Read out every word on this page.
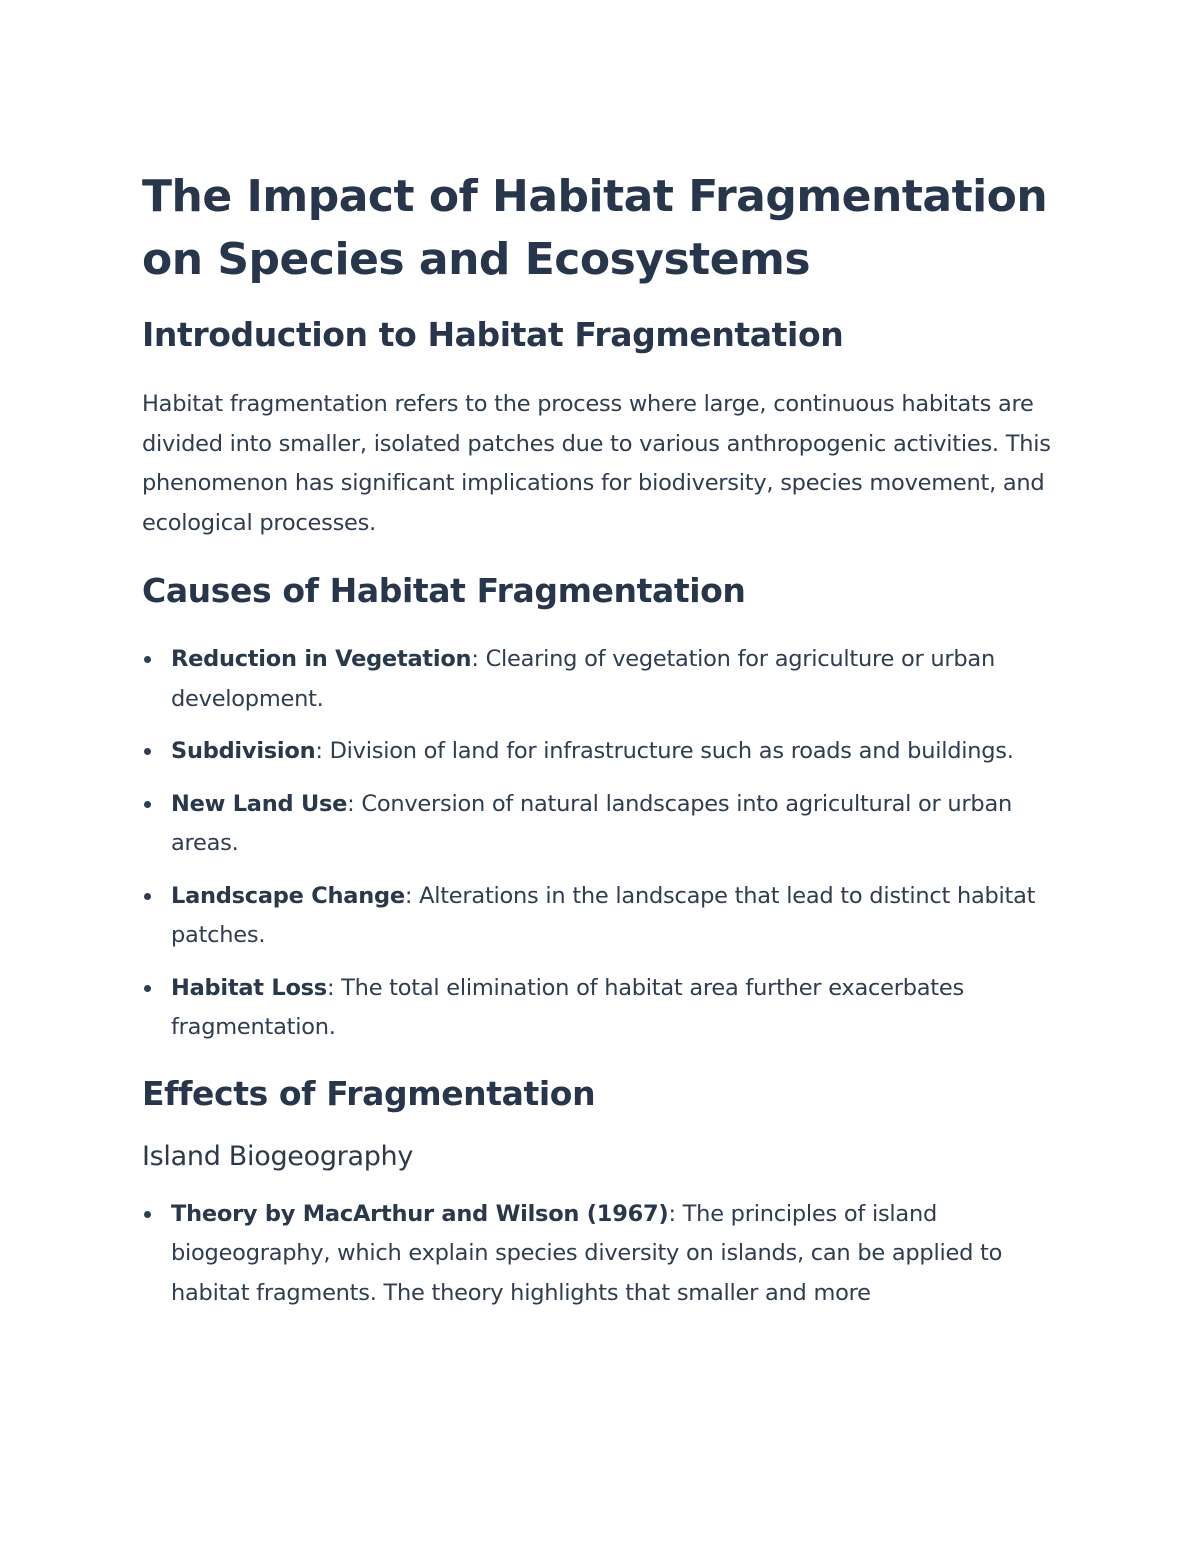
The Impact of Habitat Fragmentation on Species and Ecosystems
Introduction to Habitat Fragmentation

Habitat fragmentation refers to the process where large, continuous habitats are divided into smaller, isolated patches due to various anthropogenic activities. This phenomenon has significant implications for biodiversity, species movement, and ecological processes.

Causes of Habitat Fragmentation
Reduction in Vegetation: Clearing of vegetation for agriculture or urban development.
Subdivision: Division of land for infrastructure such as roads and buildings.
New Land Use: Conversion of natural landscapes into agricultural or urban areas.
Landscape Change: Alterations in the landscape that lead to distinct habitat patches.
Habitat Loss: The total elimination of habitat area further exacerbates fragmentation.
Effects of Fragmentation
Island Biogeography
Theory by MacArthur and Wilson (1967): The principles of island biogeography, which explain species diversity on islands, can be applied to habitat fragments. The theory highlights that smaller and more
